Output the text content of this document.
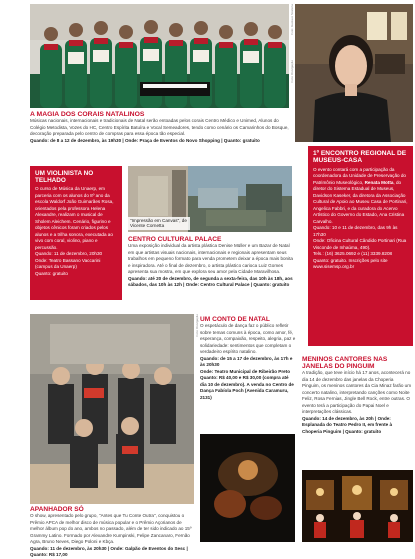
Foto: Divulgação
Foto: Gustavo Scatena
A MAGIA DOS CORAIS NATALINOS
Músicas nacionais, internacionais e tradicionais de Natal serão entoadas pelos corais Centro Médico e Unimed, Alunos do Colégio Metodista, Vozes do HC, Centro Espírita Batuíra e Vocal Semeadores, tendo como cenário os Camarinhos do Bosque, decoração preparada pelo centro de compras para essa época tão especial.
Quando: de 8 a 12 de dezembro, às 19h30 | Onde: Praça de Eventos do Novo Shopping | Quanto: gratuito
UM VIOLINISTA NO TELHADO
O curso de Música da Unaerp, em parceria com os alunos do 8º ano da escola Waldorf João Guimarães Rosa, orientados pela professora Helena Alexandre, realizam o musical de Sholem Aleichem. Cenário, figurino e objetos cênicos foram criados pelos alunos e a trilha sonora, executada ao vivo com coral, violino, piano e percussão.
Quando: 11 de dezembro, 20h30
Onde: Teatro Bassano Vaccarini (campus da Unaerp)
Quanto: gratuito
"Impressão em Canvas", de Vicente Cornetta
CENTRO CULTURAL PALACE
Uma exposição individual da artista plástica Denise Müller e um Bazar de Natal em que artistas visuais nacionais, internacionais e regionais apresentam seus trabalhos em pequeno formato para venda prometem deixar a época mais bonita e inspiradora. Até o final de dezembro, o artista plástico carioca Luiz Gomes apresenta sua mostra, em que explora seu amor pela Cidade Maravilhosa.
Quando: até 20 de dezembro, de segunda a sexta-feira, das 10h às 18h, aos sábados, das 10h às 12h | Onde: Centro Cultural Palace | Quanto: gratuito
1º ENCONTRO REGIONAL DE MUSEUS-CASA
O evento contará com a participação da coordenadora da Unidade de Preservação do Patrimônio Museológico, Renata Motta, do diretor do Sistema Estadual de Museus, Davidson Kaseker, da diretora da Associação Cultural de Apoio ao Museu Casa de Portinari, Angelica Fabbri, e da curadora do Acervo Artístico do Governo do Estado, Ana Cristina Carvalho.
Quando: 10 e 11 de dezembro, das 9h às 17h30
Onde: Oficina Cultural Cândido Portinari (Rua Visconde de Inhaúma, 490).
Tels.: (16) 3625.0692 e (11) 3339.8208
Quanto: gratuito. Inscrições pelo site www.sisemsp.org.br
Foto: Divulgação UM CONTO DE NATAL
O espetáculo de dança faz o público refletir sobre temas comuns à época, como amor, fé, esperança, compaixão, respeito, alegria, paz e solidariedade: sentimentos que completam o verdadeiro espírito natalino.
Quando: de 15 a 17 de dezembro, às 17h e às 20h30
Onde: Teatro Municipal de Ribeirão Preto
Quanto: R$ 40,00 e R$ 30,00 (compra até dia 10 de dezembro). A venda no Centro de Dança Fabíola Poch (Avenida Caramuru, 2131)
MENINOS CANTORES NAS JANELAS DO PINGUIM
A tradição, que teve início há 17 anos, acontecerá no dia 14 de dezembro das janelas da Choperia Pinguim, os meninos cantores da Cia Minaz farão um concerto natalino, interpretando canções como Noite Feliz, Rosa Fernias, Jingle Bell Rock, entre outras. O evento terá a participação do Papai Noel e interpretações clássicas.
Quando: 14 de dezembro, às 20h | Onde: Esplanada do Teatro Pedro II, em frente à Choperia Pinguim | Quanto: gratuito
APANHADOR SÓ
O show, apresentado pelo grupo, "Antes que Tu Conte Outra", conquistou o Prêmio APCA de melhor disco de música popular e o Prêmio Açorianos de melhor álbum pop do ano, ambos no passado, além de ter sido indicado ao 15º Grammy Latino. Formado por Alexandre Kumpinski, Felipe Zancanaro, Fernão Agra, Bruno Neves, Diego Poloni e Kbça.
Quando: 11 de dezembro, às 20h30 | Onde: Galpão de Eventos do Sesc | Quanto: R$ 17,00
